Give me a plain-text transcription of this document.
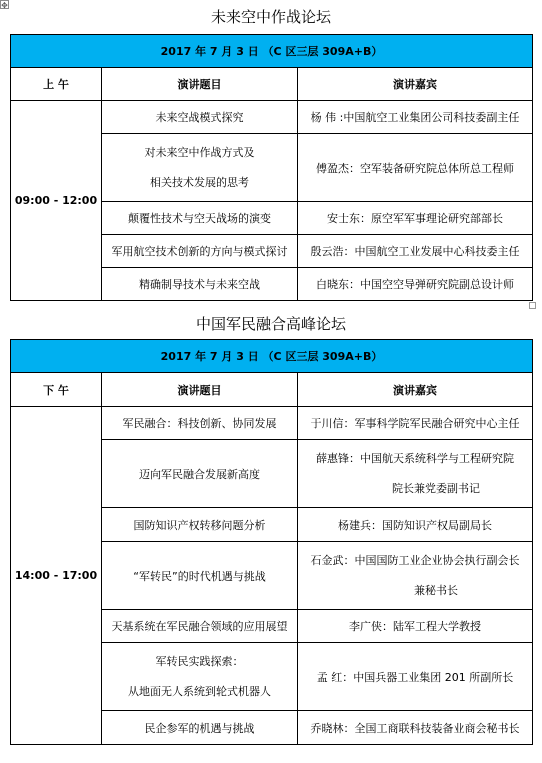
✥
未来空中作战论坛
2017 年 7 月 3 日 （C 区三层 309A+B）		
上 午	演讲题目	演讲嘉宾
09:00 - 12:00	未来空战模式探究	杨 伟 :中国航空工业集团公司科技委副主任

	对未来空中作战方式及
相关技术发展的思考	傅盈杰：空军装备研究院总体所总工程师
	颠覆性技术与空天战场的演变	安士东：原空军军事理论研究部部长
	军用航空技术创新的方向与模式探讨	殷云浩：中国航空工业发展中心科技委主任
	精确制导技术与未来空战	白晓东：中国空空导弹研究院副总设计师
中国军民融合高峰论坛
2017 年 7 月 3 日 （C 区三层 309A+B）		
下 午	演讲题目	演讲嘉宾
14:00 - 17:00	军民融合：科技创新、协同发展	于川信：军事科学院军民融合研究中心主任
	迈向军民融合发展新高度	薛惠锋：中国航天系统科学与工程研究院
院长兼党委副书记

	国防知识产权转移问题分析	杨建兵：国防知识产权局副局长
	“军转民”的时代机遇与挑战	石金武：中国国防工业企业协会执行副会长
兼秘书长

	天基系统在军民融合领域的应用展望	李广侠：陆军工程大学教授

	军转民实践探索：
从地面无人系统到轮式机器人	孟 红：中国兵器工业集团 201 所副所长
	民企参军的机遇与挑战	乔晓林：全国工商联科技装备业商会秘书长
